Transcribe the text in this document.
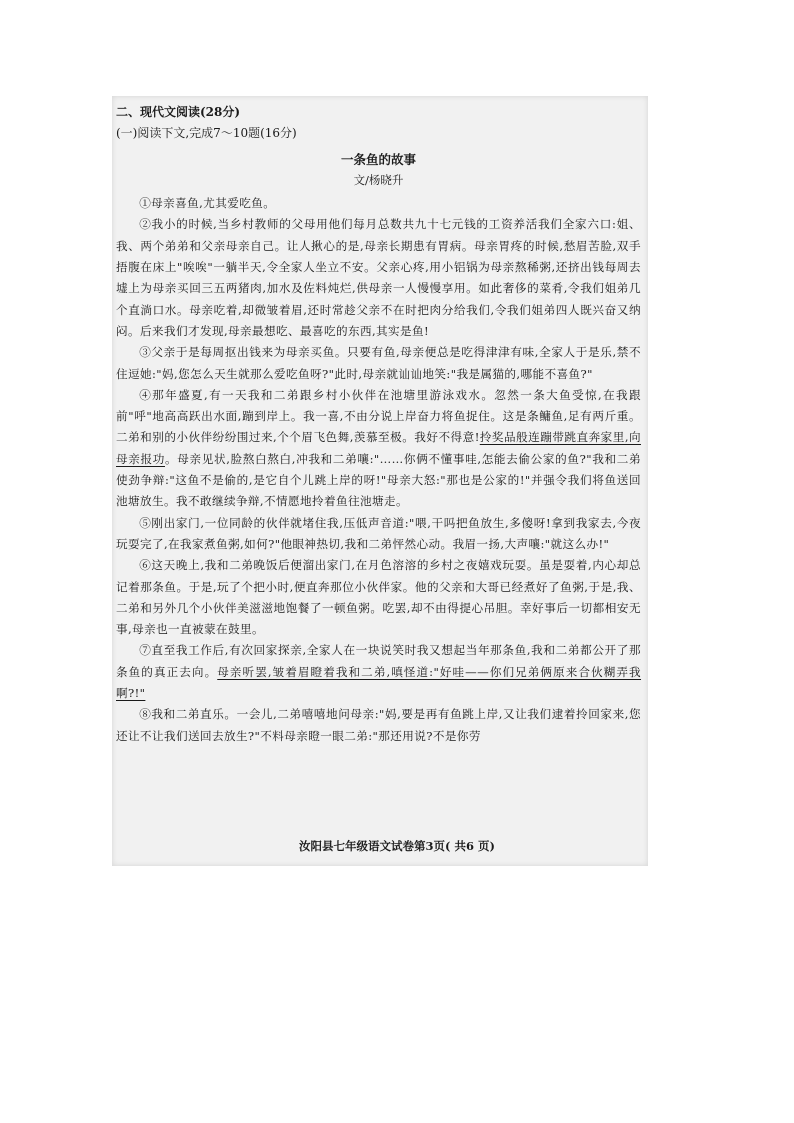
二、现代文阅读(28分)

(一)阅读下文,完成7～10题(16分)

一条鱼的故事

文/杨晓升

①母亲喜鱼,尤其爱吃鱼。

②我小的时候,当乡村教师的父母用他们每月总数共九十七元钱的工资养活我们全家六口:姐、我、两个弟弟和父亲母亲自己。让人揪心的是,母亲长期患有胃病。母亲胃疼的时候,愁眉苦脸,双手捂腹在床上"唉唉"一躺半天,令全家人坐立不安。父亲心疼,用小铝锅为母亲熬稀粥,还挤出钱每周去墟上为母亲买回三五两猪肉,加水及佐料炖烂,供母亲一人慢慢享用。如此奢侈的菜肴,令我们姐弟几个直淌口水。母亲吃着,却微皱着眉,还时常趁父亲不在时把肉分给我们,令我们姐弟四人既兴奋又纳闷。后来我们才发现,母亲最想吃、最喜吃的东西,其实是鱼!

③父亲于是每周抠出钱来为母亲买鱼。只要有鱼,母亲便总是吃得津津有味,全家人于是乐,禁不住逗她:"妈,您怎么天生就那么爱吃鱼呀?"此时,母亲就讪讪地笑:"我是属猫的,哪能不喜鱼?"

④那年盛夏,有一天我和二弟跟乡村小伙伴在池塘里游泳戏水。忽然一条大鱼受惊,在我跟前"呼"地高高跃出水面,蹦到岸上。我一喜,不由分说上岸奋力将鱼捉住。这是条鳙鱼,足有两斤重。二弟和别的小伙伴纷纷围过来,个个眉飞色舞,羡慕至极。我好不得意!拎奖品般连蹦带跳直奔家里,向母亲报功。母亲见状,脸熬白熬白,冲我和二弟嚷:"……你俩不懂事哇,怎能去偷公家的鱼?"我和二弟使劲争辩:"这鱼不是偷的,是它自个儿跳上岸的呀!"母亲大怒:"那也是公家的!"并强令我们将鱼送回池塘放生。我不敢继续争辩,不情愿地拎着鱼往池塘走。

⑤刚出家门,一位同龄的伙伴就堵住我,压低声音道:"喂,干吗把鱼放生,多傻呀!拿到我家去,今夜玩耍完了,在我家煮鱼粥,如何?"他眼神热切,我和二弟怦然心动。我眉一扬,大声嚷:"就这么办!"

⑥这天晚上,我和二弟晚饭后便溜出家门,在月色溶溶的乡村之夜嬉戏玩耍。虽是耍着,内心却总记着那条鱼。于是,玩了个把小时,便直奔那位小伙伴家。他的父亲和大哥已经煮好了鱼粥,于是,我、二弟和另外几个小伙伴美滋滋地饱餐了一顿鱼粥。吃罢,却不由得提心吊胆。幸好事后一切都相安无事,母亲也一直被蒙在鼓里。

⑦直至我工作后,有次回家探亲,全家人在一块说笑时我又想起当年那条鱼,我和二弟都公开了那条鱼的真正去向。母亲听罢,皱着眉瞪着我和二弟,嗔怪道:"好哇——你们兄弟俩原来合伙糊弄我啊?!"

⑧我和二弟直乐。一会儿,二弟嘻嘻地问母亲:"妈,要是再有鱼跳上岸,又让我们逮着拎回家来,您还让不让我们送回去放生?"不料母亲瞪一眼二弟:"那还用说?不是你劳

汝阳县七年级语文试卷第3页( 共6 页)
